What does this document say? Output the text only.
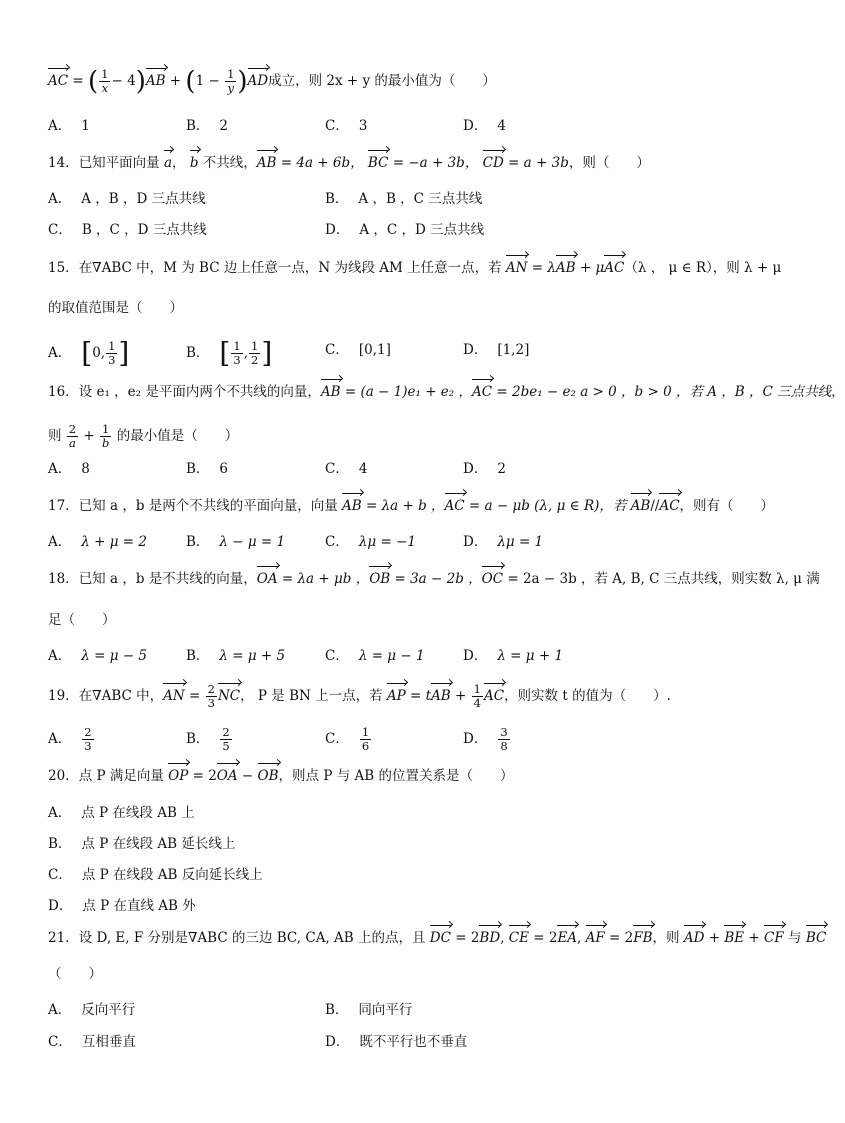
AC = ( $\frac{1}{x} - 4)AB + (1 - \frac{1}{y} )AD$成立，则 2x + y 的最小值为（　　）
A． 1	B． 2	C． 3	D． 4
14．已知平面向量 a， b 不共线，AB = 4a + 6b， BC = −a + 3b， CD = a + 3b，则（　　）
A． A ，B ，D 三点共线	B． A ，B ，C 三点共线
C． B ，C ，D 三点共线	D． A ，C ，D 三点共线
15．在∇ABC 中，M 为 BC 边上任意一点，N 为线段 AM 上任意一点，若 AN = λAB + μAC（λ ， μ ∈ R），则 λ + μ
的取值范围是（　　）
A． [0, $\frac{1}{3}$ ]	B． [ $\frac{1}{3}$ , $\frac{1}{2}$ ]	C． [0,1]	D． [1,2]
16．设 e₁ ，e₂ 是平面内两个不共线的向量，AB = (a − 1)e₁ + e₂ ，AC = 2be₁ − e₂ a > 0 ，b > 0 ，若 A ，B ，C 三点共线，
则 $\frac{2}{a} + \frac{1}{b}$ 的最小值是（　　）
A． 8	B． 6	C． 4	D． 2
17．已知 a ，b 是两个不共线的平面向量，向量 AB = λa + b ，AC = a − μb (λ, μ ∈ R)，若 AB//AC，则有（　　）
A． λ + μ = 2	B． λ − μ = 1	C． λμ = −1	D． λμ = 1
18．已知 a ，b 是不共线的向量，OA = λa + μb ，OB = 3a − 2b ，OC = 2a − 3b ，若 A, B, C 三点共线，则实数 λ, μ 满
足（　　）
A． λ = μ − 5	B． λ = μ + 5	C． λ = μ − 1	D． λ = μ + 1
19．在∇ABC 中，AN = $\frac{2}{3}$ NC， P 是 BN 上一点，若 AP = tAB + $\frac{1}{4}$ AC，则实数 t 的值为（　　）.
A． $\frac{2}{3}$	B． $\frac{2}{5}$	C． $\frac{1}{6}$	D． $\frac{3}{8}$
20．点 P 满足向量 OP = 2OA − OB，则点 P 与 AB 的位置关系是（　　）
A． 点 P 在线段 AB 上
B． 点 P 在线段 AB 延长线上
C． 点 P 在线段 AB 反向延长线上
D． 点 P 在直线 AB 外
21．设 D, E, F 分别是∇ABC 的三边 BC, CA, AB 上的点，且 DC = 2BD, CE = 2EA, AF = 2FB，则 AD + BE + CF 与 BC
（　　）
A． 反向平行	B． 同向平行
C． 互相垂直	D． 既不平行也不垂直
